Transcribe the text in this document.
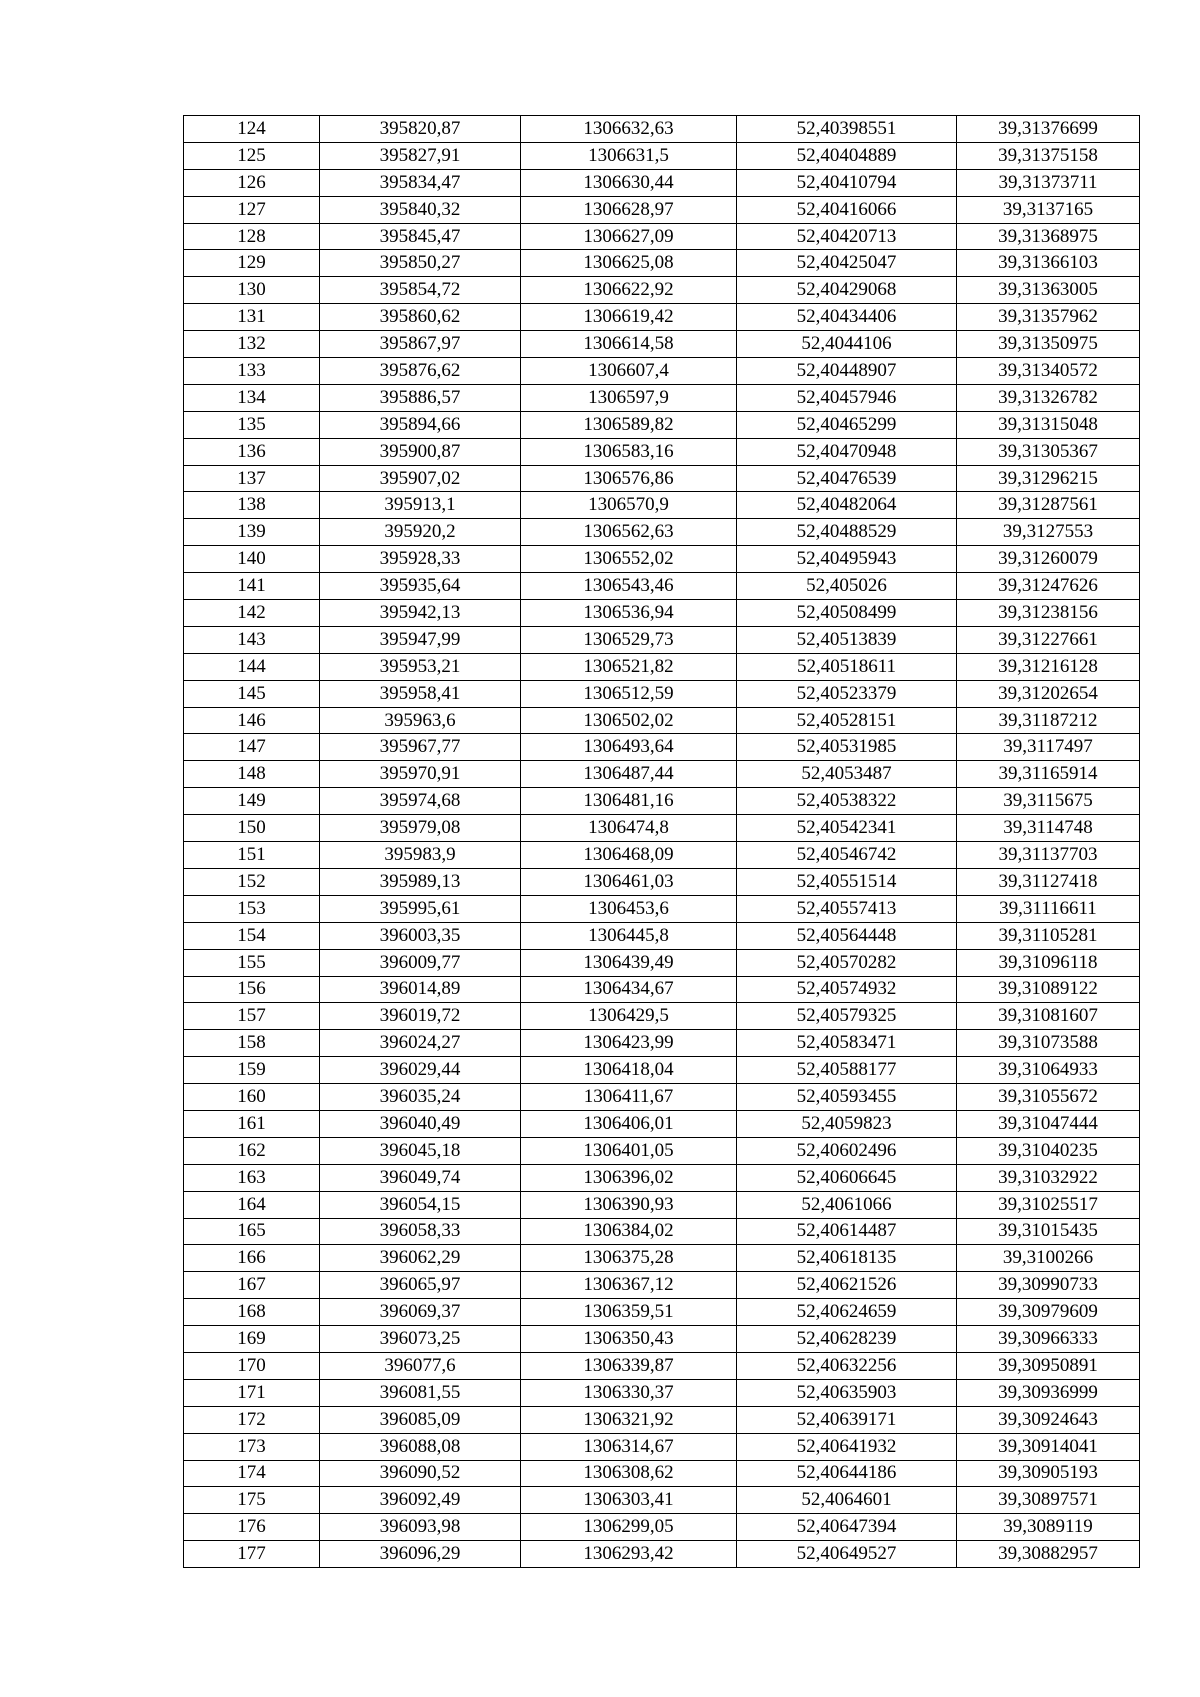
124	395820,87	1306632,63	52,40398551	39,31376699
125	395827,91	1306631,5	52,40404889	39,31375158
126	395834,47	1306630,44	52,40410794	39,31373711
127	395840,32	1306628,97	52,40416066	39,3137165
128	395845,47	1306627,09	52,40420713	39,31368975
129	395850,27	1306625,08	52,40425047	39,31366103
130	395854,72	1306622,92	52,40429068	39,31363005
131	395860,62	1306619,42	52,40434406	39,31357962
132	395867,97	1306614,58	52,4044106	39,31350975
133	395876,62	1306607,4	52,40448907	39,31340572
134	395886,57	1306597,9	52,40457946	39,31326782
135	395894,66	1306589,82	52,40465299	39,31315048
136	395900,87	1306583,16	52,40470948	39,31305367
137	395907,02	1306576,86	52,40476539	39,31296215
138	395913,1	1306570,9	52,40482064	39,31287561
139	395920,2	1306562,63	52,40488529	39,3127553
140	395928,33	1306552,02	52,40495943	39,31260079
141	395935,64	1306543,46	52,405026	39,31247626
142	395942,13	1306536,94	52,40508499	39,31238156
143	395947,99	1306529,73	52,40513839	39,31227661
144	395953,21	1306521,82	52,40518611	39,31216128
145	395958,41	1306512,59	52,40523379	39,31202654
146	395963,6	1306502,02	52,40528151	39,31187212
147	395967,77	1306493,64	52,40531985	39,3117497
148	395970,91	1306487,44	52,4053487	39,31165914
149	395974,68	1306481,16	52,40538322	39,3115675
150	395979,08	1306474,8	52,40542341	39,3114748
151	395983,9	1306468,09	52,40546742	39,31137703
152	395989,13	1306461,03	52,40551514	39,31127418
153	395995,61	1306453,6	52,40557413	39,31116611
154	396003,35	1306445,8	52,40564448	39,31105281
155	396009,77	1306439,49	52,40570282	39,31096118
156	396014,89	1306434,67	52,40574932	39,31089122
157	396019,72	1306429,5	52,40579325	39,31081607
158	396024,27	1306423,99	52,40583471	39,31073588
159	396029,44	1306418,04	52,40588177	39,31064933
160	396035,24	1306411,67	52,40593455	39,31055672
161	396040,49	1306406,01	52,4059823	39,31047444
162	396045,18	1306401,05	52,40602496	39,31040235
163	396049,74	1306396,02	52,40606645	39,31032922
164	396054,15	1306390,93	52,4061066	39,31025517
165	396058,33	1306384,02	52,40614487	39,31015435
166	396062,29	1306375,28	52,40618135	39,3100266
167	396065,97	1306367,12	52,40621526	39,30990733
168	396069,37	1306359,51	52,40624659	39,30979609
169	396073,25	1306350,43	52,40628239	39,30966333
170	396077,6	1306339,87	52,40632256	39,30950891
171	396081,55	1306330,37	52,40635903	39,30936999
172	396085,09	1306321,92	52,40639171	39,30924643
173	396088,08	1306314,67	52,40641932	39,30914041
174	396090,52	1306308,62	52,40644186	39,30905193
175	396092,49	1306303,41	52,4064601	39,30897571
176	396093,98	1306299,05	52,40647394	39,3089119
177	396096,29	1306293,42	52,40649527	39,30882957
